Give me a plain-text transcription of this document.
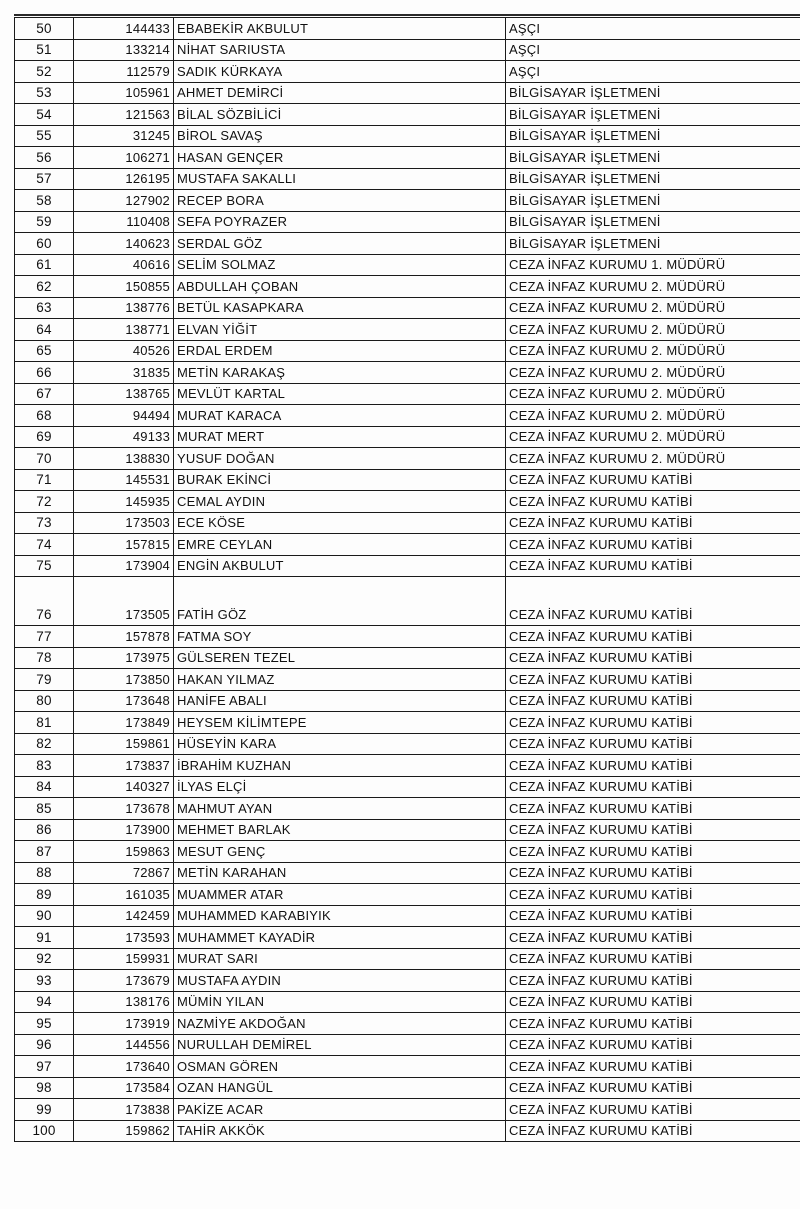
50	144433	EBABEKİR AKBULUT	AŞÇI
51	133214	NİHAT SARIUSTA	AŞÇI
52	112579	SADIK KÜRKAYA	AŞÇI
53	105961	AHMET DEMİRCİ	BİLGİSAYAR İŞLETMENİ
54	121563	BİLAL SÖZBİLİCİ	BİLGİSAYAR İŞLETMENİ
55	31245	BİROL SAVAŞ	BİLGİSAYAR İŞLETMENİ
56	106271	HASAN GENÇER	BİLGİSAYAR İŞLETMENİ
57	126195	MUSTAFA SAKALLI	BİLGİSAYAR İŞLETMENİ
58	127902	RECEP BORA	BİLGİSAYAR İŞLETMENİ
59	110408	SEFA POYRAZER	BİLGİSAYAR İŞLETMENİ
60	140623	SERDAL GÖZ	BİLGİSAYAR İŞLETMENİ
61	40616	SELİM SOLMAZ	CEZA İNFAZ KURUMU 1. MÜDÜRÜ
62	150855	ABDULLAH ÇOBAN	CEZA İNFAZ KURUMU 2. MÜDÜRÜ
63	138776	BETÜL KASAPKARA	CEZA İNFAZ KURUMU 2. MÜDÜRÜ
64	138771	ELVAN YİĞİT	CEZA İNFAZ KURUMU 2. MÜDÜRÜ
65	40526	ERDAL ERDEM	CEZA İNFAZ KURUMU 2. MÜDÜRÜ
66	31835	METİN KARAKAŞ	CEZA İNFAZ KURUMU 2. MÜDÜRÜ
67	138765	MEVLÜT KARTAL	CEZA İNFAZ KURUMU 2. MÜDÜRÜ
68	94494	MURAT KARACA	CEZA İNFAZ KURUMU 2. MÜDÜRÜ
69	49133	MURAT MERT	CEZA İNFAZ KURUMU 2. MÜDÜRÜ
70	138830	YUSUF DOĞAN	CEZA İNFAZ KURUMU 2. MÜDÜRÜ
71	145531	BURAK EKİNCİ	CEZA İNFAZ KURUMU KATİBİ
72	145935	CEMAL AYDIN	CEZA İNFAZ KURUMU KATİBİ
73	173503	ECE KÖSE	CEZA İNFAZ KURUMU KATİBİ
74	157815	EMRE CEYLAN	CEZA İNFAZ KURUMU KATİBİ
75	173904	ENGİN AKBULUT	CEZA İNFAZ KURUMU KATİBİ
76	173505	FATİH GÖZ	CEZA İNFAZ KURUMU KATİBİ
77	157878	FATMA SOY	CEZA İNFAZ KURUMU KATİBİ
78	173975	GÜLSEREN TEZEL	CEZA İNFAZ KURUMU KATİBİ
79	173850	HAKAN YILMAZ	CEZA İNFAZ KURUMU KATİBİ
80	173648	HANİFE ABALI	CEZA İNFAZ KURUMU KATİBİ
81	173849	HEYSEM KİLİMTEPE	CEZA İNFAZ KURUMU KATİBİ
82	159861	HÜSEYİN KARA	CEZA İNFAZ KURUMU KATİBİ
83	173837	İBRAHİM KUZHAN	CEZA İNFAZ KURUMU KATİBİ
84	140327	İLYAS ELÇİ	CEZA İNFAZ KURUMU KATİBİ
85	173678	MAHMUT AYAN	CEZA İNFAZ KURUMU KATİBİ
86	173900	MEHMET BARLAK	CEZA İNFAZ KURUMU KATİBİ
87	159863	MESUT GENÇ	CEZA İNFAZ KURUMU KATİBİ
88	72867	METİN KARAHAN	CEZA İNFAZ KURUMU KATİBİ
89	161035	MUAMMER ATAR	CEZA İNFAZ KURUMU KATİBİ
90	142459	MUHAMMED KARABIYIK	CEZA İNFAZ KURUMU KATİBİ
91	173593	MUHAMMET KAYADİR	CEZA İNFAZ KURUMU KATİBİ
92	159931	MURAT SARI	CEZA İNFAZ KURUMU KATİBİ
93	173679	MUSTAFA AYDIN	CEZA İNFAZ KURUMU KATİBİ
94	138176	MÜMİN YILAN	CEZA İNFAZ KURUMU KATİBİ
95	173919	NAZMİYE AKDOĞAN	CEZA İNFAZ KURUMU KATİBİ
96	144556	NURULLAH DEMİREL	CEZA İNFAZ KURUMU KATİBİ
97	173640	OSMAN GÖREN	CEZA İNFAZ KURUMU KATİBİ
98	173584	OZAN HANGÜL	CEZA İNFAZ KURUMU KATİBİ
99	173838	PAKİZE ACAR	CEZA İNFAZ KURUMU KATİBİ
100	159862	TAHİR AKKÖK	CEZA İNFAZ KURUMU KATİBİ
